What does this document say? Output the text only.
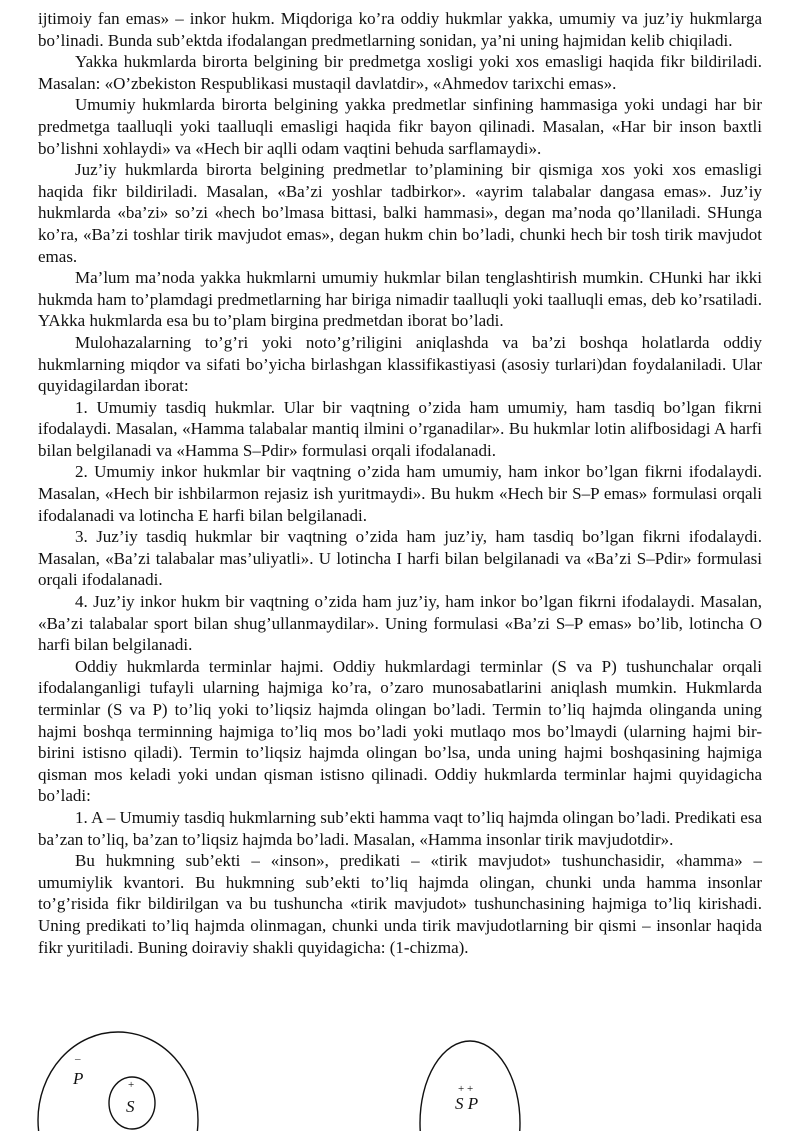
ijtimoiy fan emas» – inkor hukm. Miqdoriga ko’ra oddiy hukmlar yakka, umumiy va juz’iy hukmlarga bo’linadi. Bunda sub’ektda ifodalangan predmetlarning sonidan, ya’ni uning hajmidan kelib chiqiladi.

Yakka hukmlarda birorta belgining bir predmetga xosligi yoki xos emasligi haqida fikr bildiriladi. Masalan: «O’zbekiston Respublikasi mustaqil davlatdir», «Ahmedov tarixchi emas».

Umumiy hukmlarda birorta belgining yakka predmetlar sinfining hammasiga yoki undagi har bir predmetga taalluqli yoki taalluqli emasligi haqida fikr bayon qilinadi. Masalan, «Har bir inson baxtli bo’lishni xohlaydi» va «Hech bir aqlli odam vaqtini behuda sarflamaydi».

Juz’iy hukmlarda birorta belgining predmetlar to’plamining bir qismiga xos yoki xos emasligi haqida fikr bildiriladi. Masalan, «Ba’zi yoshlar tadbirkor». «ayrim talabalar dangasa emas». Juz’iy hukmlarda «ba’zi» so’zi «hech bo’lmasa bittasi, balki hammasi», degan ma’noda qo’llaniladi. SHunga ko’ra, «Ba’zi toshlar tirik mavjudot emas», degan hukm chin bo’ladi, chunki hech bir tosh tirik mavjudot emas.

Ma’lum ma’noda yakka hukmlarni umumiy hukmlar bilan tenglashtirish mumkin. CHunki har ikki hukmda ham to’plamdagi predmetlarning har biriga nimadir taalluqli yoki taalluqli emas, deb ko’rsatiladi. YAkka hukmlarda esa bu to’plam birgina predmetdan iborat bo’ladi.

Mulohazalarning to’g’ri yoki noto’g’riligini aniqlashda va ba’zi boshqa holatlarda oddiy hukmlarning miqdor va sifati bo’yicha birlashgan klassifikastiyasi (asosiy turlari)dan foydalaniladi. Ular quyidagilardan iborat:

1. Umumiy tasdiq hukmlar. Ular bir vaqtning o’zida ham umumiy, ham tasdiq bo’lgan fikrni ifodalaydi. Masalan, «Hamma talabalar mantiq ilmini o’rganadilar». Bu hukmlar lotin alifbosidagi A harfi bilan belgilanadi va «Hamma S–Pdir» formulasi orqali ifodalanadi.

2. Umumiy inkor hukmlar bir vaqtning o’zida ham umumiy, ham inkor bo’lgan fikrni ifodalaydi. Masalan, «Hech bir ishbilarmon rejasiz ish yuritmaydi». Bu hukm «Hech bir S–P emas» formulasi orqali ifodalanadi va lotincha E harfi bilan belgilanadi.

3. Juz’iy tasdiq hukmlar bir vaqtning o’zida ham juz’iy, ham tasdiq bo’lgan fikrni ifodalaydi. Masalan, «Ba’zi talabalar mas’uliyatli». U lotincha I harfi bilan belgilanadi va «Ba’zi S–Pdir» formulasi orqali ifodalanadi.

4. Juz’iy inkor hukm bir vaqtning o’zida ham juz’iy, ham inkor bo’lgan fikrni ifodalaydi. Masalan, «Ba’zi talabalar sport bilan shug’ullanmaydilar». Uning formulasi «Ba’zi S–P emas» bo’lib, lotincha O harfi bilan belgilanadi.

Oddiy hukmlarda terminlar hajmi. Oddiy hukmlardagi terminlar (S va P) tushunchalar orqali ifodalanganligi tufayli ularning hajmiga ko’ra, o’zaro munosabatlarini aniqlash mumkin. Hukmlarda terminlar (S va P) to’liq yoki to’liqsiz hajmda olingan bo’ladi. Termin to’liq hajmda olinganda uning hajmi boshqa terminning hajmiga to’liq mos bo’ladi yoki mutlaqo mos bo’lmaydi (ularning hajmi bir-birini istisno qiladi). Termin to’liqsiz hajmda olingan bo’lsa, unda uning hajmi boshqasining hajmiga qisman mos keladi yoki undan qisman istisno qilinadi. Oddiy hukmlarda terminlar hajmi quyidagicha bo’ladi:

1. A – Umumiy tasdiq hukmlarning sub’ekti hamma vaqt to’liq hajmda olingan bo’ladi. Predikati esa ba’zan to’liq, ba’zan to’liqsiz hajmda bo’ladi. Masalan, «Hamma insonlar tirik mavjudotdir».

Bu hukmning sub’ekti – «inson», predikati – «tirik mavjudot» tushunchasidir, «hamma» – umumiylik kvantori. Bu hukmning sub’ekti to’liq hajmda olingan, chunki unda hamma insonlar to’g’risida fikr bildirilgan va bu tushuncha «tirik mavjudot» tushunchasining hajmiga to’liq kirishadi. Uning predikati to’liq hajmda olinmagan, chunki unda tirik mavjudotlarning bir qismi – insonlar haqida fikr yuritiladi. Buning doiraviy shakli quyidagicha: (1-chizma).

–
P	+
S
+ +
S P
